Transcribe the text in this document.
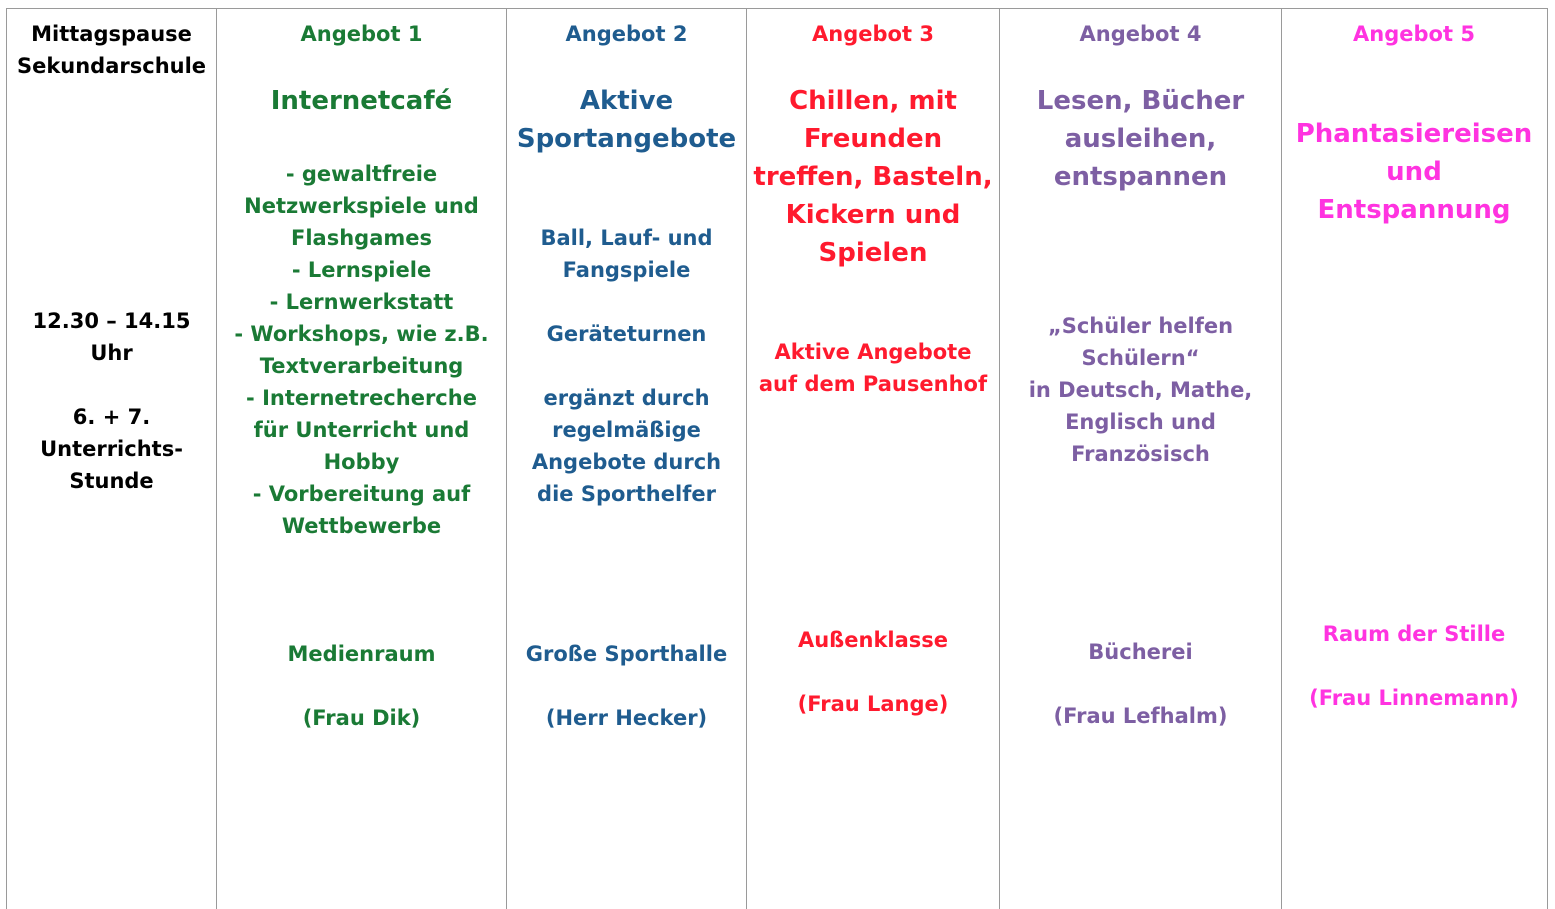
Mittagspause
Sekundarschule
12.30 – 14.15
Uhr
6. + 7.
Unterrichts-
Stunde
Angebot 1
Internetcafé
- gewaltfreie
Netzwerkspiele und
Flashgames
- Lernspiele
- Lernwerkstatt
- Workshops, wie z.B.
Textverarbeitung
- Internetrecherche
für Unterricht und
Hobby
- Vorbereitung auf
Wettbewerbe
Medienraum
(Frau Dik)
Angebot 2
Aktive
Sportangebote
Ball, Lauf- und
Fangspiele

Geräteturnen

ergänzt durch
regelmäßige
Angebote durch
die Sporthelfer
Große Sporthalle
(Herr Hecker)
Angebot 3
Chillen, mit
Freunden
treffen, Basteln,
Kickern und
Spielen
Aktive Angebote
auf dem Pausenhof
Außenklasse
(Frau Lange)
Angebot 4
Lesen, Bücher
ausleihen,
entspannen
„Schüler helfen
Schülern“
in Deutsch, Mathe,
Englisch und
Französisch
Bücherei
(Frau Lefhalm)
Angebot 5
Phantasiereisen
und
Entspannung
Raum der Stille
(Frau Linnemann)
